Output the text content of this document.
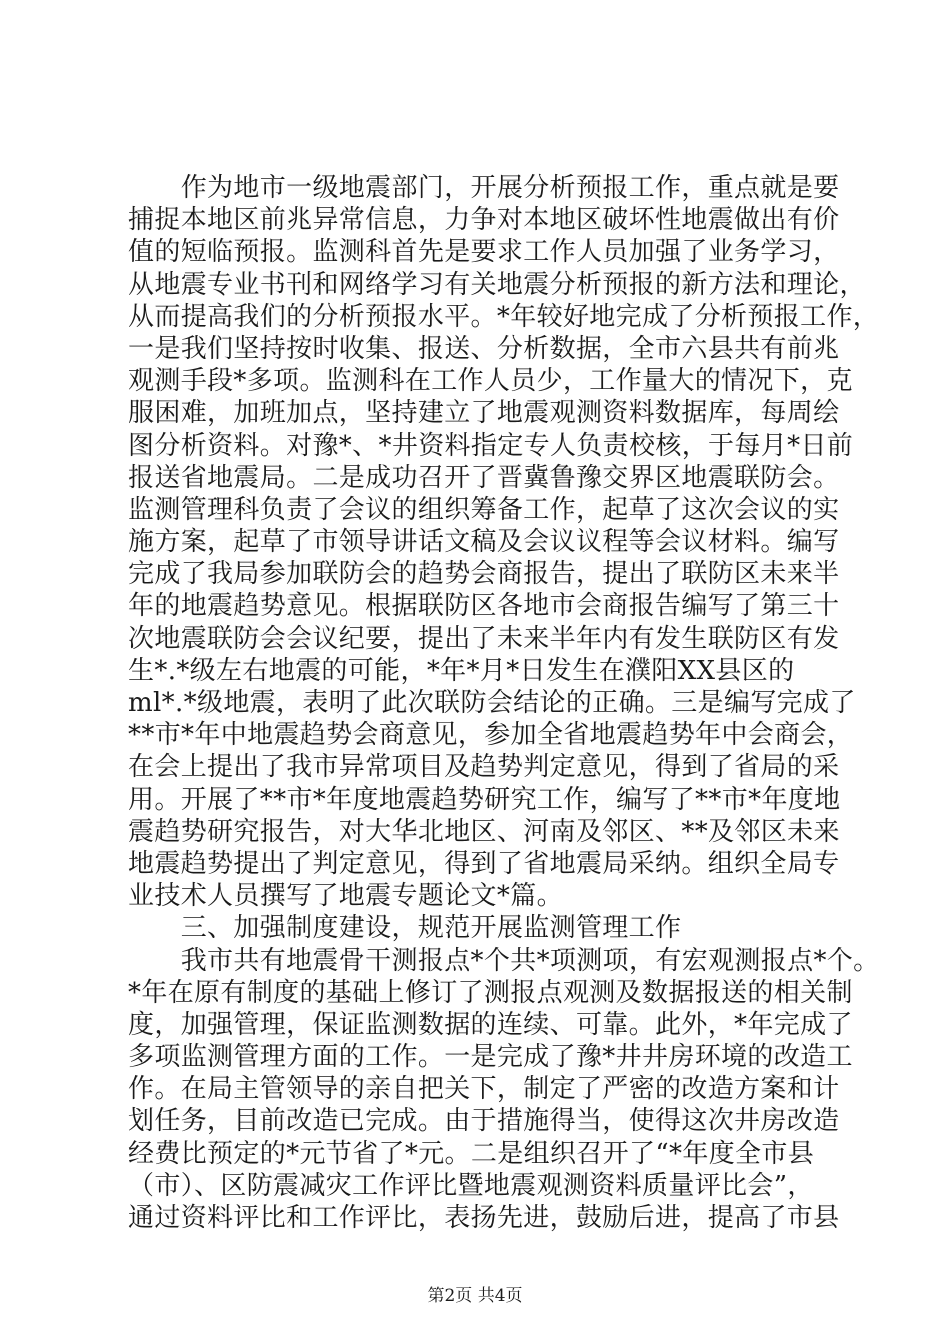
　　作为地市一级地震部门，开展分析预报工作，重点就是要
捕捉本地区前兆异常信息，力争对本地区破坏性地震做出有价
值的短临预报。监测科首先是要求工作人员加强了业务学习，
从地震专业书刊和网络学习有关地震分析预报的新方法和理论，
从而提高我们的分析预报水平。*年较好地完成了分析预报工作，
一是我们坚持按时收集、报送、分析数据，全市六县共有前兆
观测手段*多项。监测科在工作人员少，工作量大的情况下，克
服困难，加班加点，坚持建立了地震观测资料数据库，每周绘
图分析资料。对豫*、*井资料指定专人负责校核，于每月*日前
报送省地震局。二是成功召开了晋冀鲁豫交界区地震联防会。
监测管理科负责了会议的组织筹备工作，起草了这次会议的实
施方案，起草了市领导讲话文稿及会议议程等会议材料。编写
完成了我局参加联防会的趋势会商报告，提出了联防区未来半
年的地震趋势意见。根据联防区各地市会商报告编写了第三十
次地震联防会会议纪要，提出了未来半年内有发生联防区有发
生*.*级左右地震的可能，*年*月*日发生在濮阳XX县区的
ml*.*级地震，表明了此次联防会结论的正确。三是编写完成了
**市*年中地震趋势会商意见，参加全省地震趋势年中会商会，
在会上提出了我市异常项目及趋势判定意见，得到了省局的采
用。开展了**市*年度地震趋势研究工作，编写了**市*年度地
震趋势研究报告，对大华北地区、河南及邻区、**及邻区未来
地震趋势提出了判定意见，得到了省地震局采纳。组织全局专
业技术人员撰写了地震专题论文*篇。
　　三、加强制度建设，规范开展监测管理工作
　　我市共有地震骨干测报点*个共*项测项，有宏观测报点*个。
*年在原有制度的基础上修订了测报点观测及数据报送的相关制
度，加强管理，保证监测数据的连续、可靠。此外，*年完成了
多项监测管理方面的工作。一是完成了豫*井井房环境的改造工
作。在局主管领导的亲自把关下，制定了严密的改造方案和计
划任务，目前改造已完成。由于措施得当，使得这次井房改造
经费比预定的*元节省了*元。二是组织召开了“*年度全市县
（市）、区防震减灾工作评比暨地震观测资料质量评比会”，
通过资料评比和工作评比，表扬先进，鼓励后进，提高了市县
第2页 共4页
